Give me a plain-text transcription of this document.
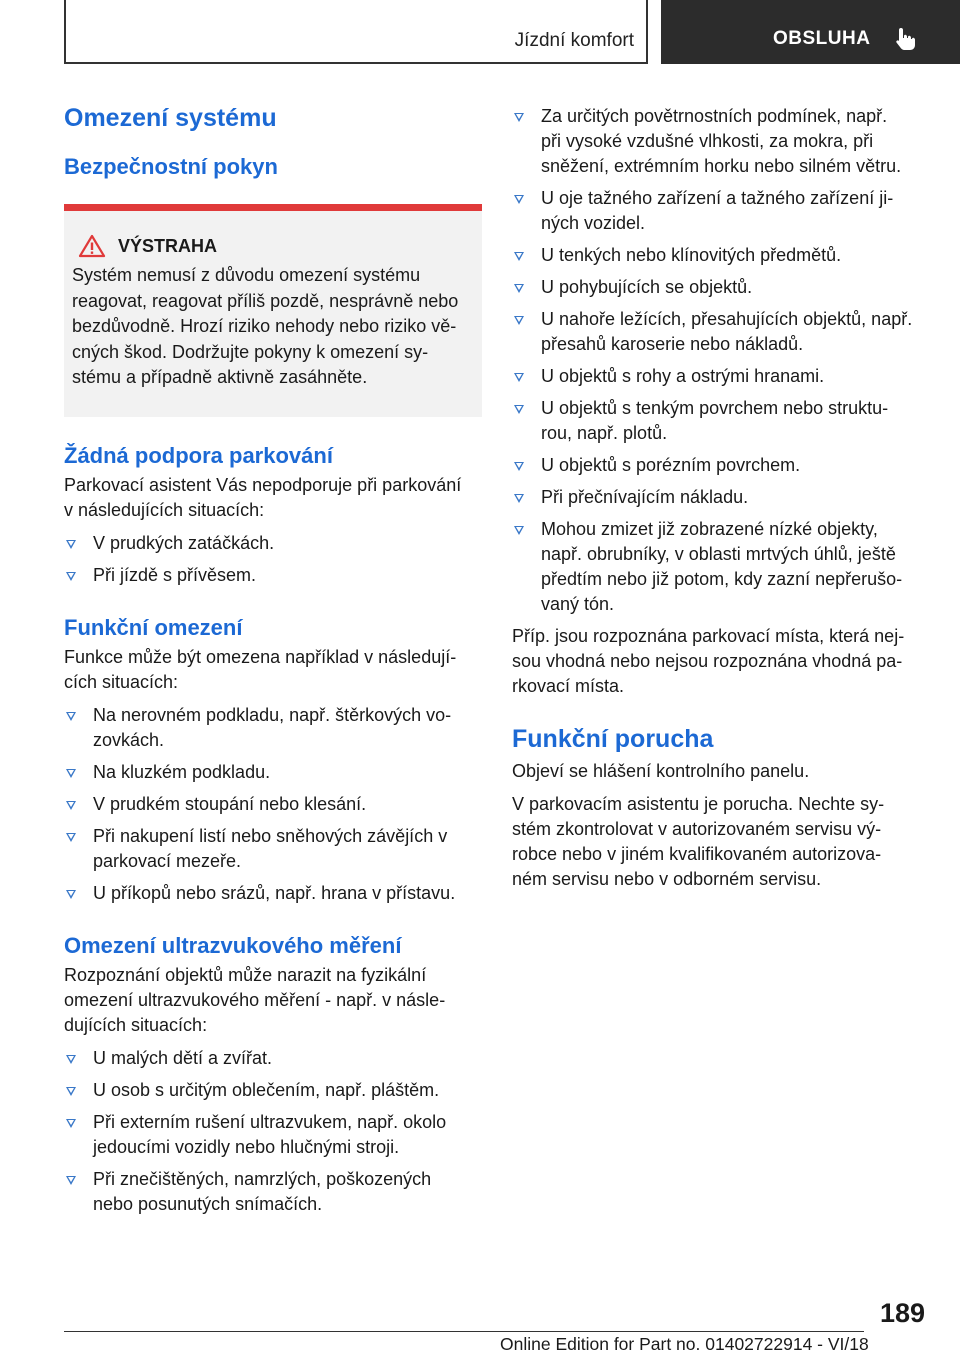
Jízdní komfort	OBSLUHA
Omezení systému
Bezpečnostní pokyn
VÝSTRAHA

Systém nemusí z důvodu omezení systému
reagovat, reagovat příliš pozdě, nesprávně nebo
bezdůvodně. Hrozí riziko nehody nebo riziko vě-
cných škod. Dodržujte pokyny k omezení sy-
stému a případně aktivně zasáhněte.

Žádná podpora parkování

Parkovací asistent Vás nepodporuje při parkování
v následujících situacích:

V prudkých zatáčkách.
Při jízdě s přívěsem.
Funkční omezení

Funkce může být omezena například v následují-
cích situacích:

Na nerovném podkladu, např. štěrkových vo-
zovkách.
Na kluzkém podkladu.
V prudkém stoupání nebo klesání.
Při nakupení listí nebo sněhových závějích v
parkovací mezeře.
U příkopů nebo srázů, např. hrana v přístavu.
Omezení ultrazvukového měření

Rozpoznání objektů může narazit na fyzikální
omezení ultrazvukového měření - např. v násle-
dujících situacích:

U malých dětí a zvířat.
U osob s určitým oblečením, např. pláštěm.
Při externím rušení ultrazvukem, např. okolo
jedoucími vozidly nebo hlučnými stroji.
Při znečištěných, namrzlých, poškozených
nebo posunutých snímačích.
Za určitých povětrnostních podmínek, např.
při vysoké vzdušné vlhkosti, za mokra, při
sněžení, extrémním horku nebo silném větru.
U oje tažného zařízení a tažného zařízení ji-
ných vozidel.
U tenkých nebo klínovitých předmětů.
U pohybujících se objektů.
U nahoře ležících, přesahujících objektů, např.
přesahů karoserie nebo nákladů.
U objektů s rohy a ostrými hranami.
U objektů s tenkým povrchem nebo struktu-
rou, např. plotů.
U objektů s porézním povrchem.
Při přečnívajícím nákladu.
Mohou zmizet již zobrazené nízké objekty,
např. obrubníky, v oblasti mrtvých úhlů, ještě
předtím nebo již potom, kdy zazní nepřerušo-
vaný tón.

Příp. jsou rozpoznána parkovací místa, která nej-
sou vhodná nebo nejsou rozpoznána vhodná pa-
rkovací místa.

Funkční porucha

Objeví se hlášení kontrolního panelu.

V parkovacím asistentu je porucha. Nechte sy-
stém zkontrolovat v autorizovaném servisu vý-
robce nebo v jiném kvalifikovaném autorizova-
ném servisu nebo v odborném servisu.

189
Online Edition for Part no. 01402722914 - VI/18
